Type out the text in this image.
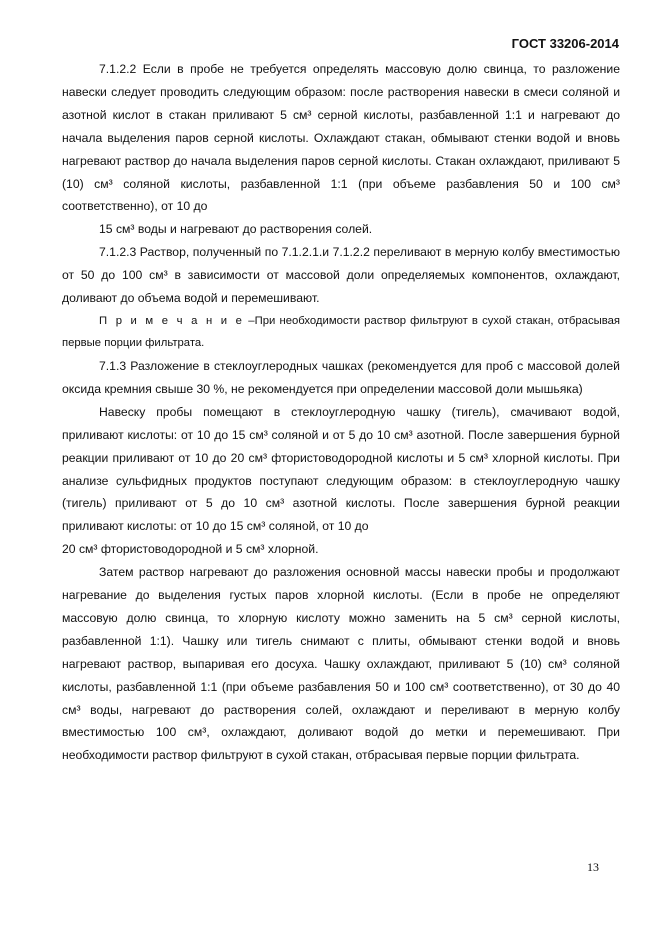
ГОСТ 33206-2014

7.1.2.2 Если в пробе не требуется определять массовую долю свинца, то разложение навески следует проводить следующим образом: после растворения навески в смеси соляной и азотной кислот в стакан приливают 5 см³ серной кислоты, разбавленной 1:1 и нагревают до начала выделения паров серной кислоты. Охлаждают стакан, обмывают стенки водой и вновь нагревают раствор до начала выделения паров серной кислоты. Стакан охлаждают, приливают 5 (10) см³ соляной кислоты, разбавленной 1:1 (при объеме разбавления 50 и 100 см³ соответственно), от 10 до

15 см³ воды и нагревают до растворения солей.

7.1.2.3 Раствор, полученный по 7.1.2.1.и 7.1.2.2 переливают в мерную колбу вместимостью от 50 до 100 см³ в зависимости от массовой доли определяемых компонентов, охлаждают, доливают до объема водой и перемешивают.

П р и м е ч а н и е –При необходимости раствор фильтруют в сухой стакан, отбрасывая первые порции фильтрата.

7.1.3 Разложение в стеклоуглеродных чашках (рекомендуется для проб с массовой долей оксида кремния свыше 30 %, не рекомендуется при определении массовой доли мышьяка)

Навеску пробы помещают в стеклоуглеродную чашку (тигель), смачивают водой, приливают кислоты: от 10 до 15 см³ соляной и от 5 до 10 см³ азотной. После завершения бурной реакции приливают от 10 до 20 см³ фтористоводородной кислоты и 5 см³ хлорной кислоты. При анализе сульфидных продуктов поступают следующим образом: в стеклоуглеродную чашку (тигель) приливают от 5 до 10 см³ азотной кислоты. После завершения бурной реакции приливают кислоты: от 10 до 15 см³ соляной, от 10 до

20 см³ фтористоводородной и 5 см³ хлорной.

Затем раствор нагревают до разложения основной массы навески пробы и продолжают нагревание до выделения густых паров хлорной кислоты. (Если в пробе не определяют массовую долю свинца, то хлорную кислоту можно заменить на 5 см³ серной кислоты, разбавленной 1:1). Чашку или тигель снимают с плиты, обмывают стенки водой и вновь нагревают раствор, выпаривая его досуха. Чашку охлаждают, приливают 5 (10) см³ соляной кислоты, разбавленной 1:1 (при объеме разбавления 50 и 100 см³ соответственно), от 30 до 40 см³ воды, нагревают до растворения солей, охлаждают и переливают в мерную колбу вместимостью 100 см³, охлаждают, доливают водой до метки и перемешивают. При необходимости раствор фильтруют в сухой стакан, отбрасывая первые порции фильтрата.

13
